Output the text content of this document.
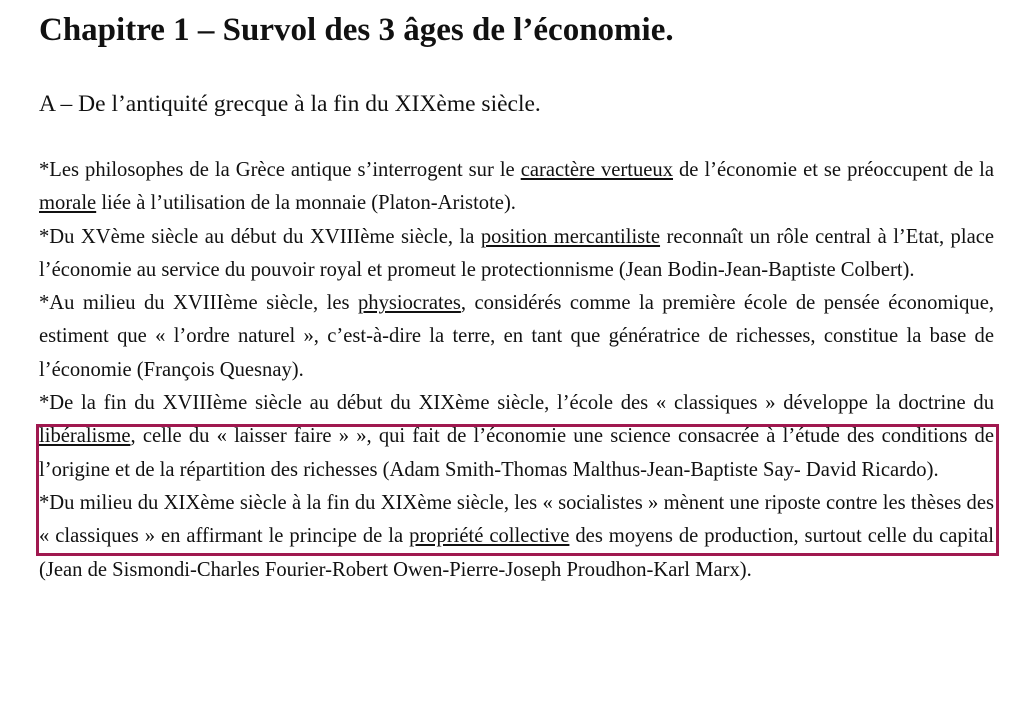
Chapitre 1 – Survol des 3 âges de l’économie.
A – De l’antiquité grecque à la fin du XIXème siècle.

*Les philosophes de la Grèce antique s’interrogent sur le caractère vertueux de l’économie et se préoccupent de la morale liée à l’utilisation de la monnaie (Platon-Aristote).

*Du XVème siècle au début du XVIIIème siècle, la position mercantiliste reconnaît un rôle central à l’Etat, place l’économie au service du pouvoir royal et promeut le protectionnisme (Jean Bodin-Jean-Baptiste Colbert).

*Au milieu du XVIIIème siècle, les physiocrates, considérés comme la première école de pensée économique, estiment que « l’ordre naturel », c’est-à-dire la terre, en tant que génératrice de richesses, constitue la base de l’économie (François Quesnay).

*De la fin du XVIIIème siècle au début du XIXème siècle, l’école des « classiques » développe la doctrine du libéralisme, celle du « laisser faire » », qui fait de l’économie une science consacrée à l’étude des conditions de l’origine et de la répartition des richesses (Adam Smith-Thomas Malthus-Jean-Baptiste Say- David Ricardo).

*Du milieu du XIXème siècle à la fin du XIXème siècle, les « socialistes » mènent une riposte contre les thèses des « classiques » en affirmant le principe de la propriété collective des moyens de production, surtout celle du capital (Jean de Sismondi-Charles Fourier-Robert Owen-Pierre-Joseph Proudhon-Karl Marx).
